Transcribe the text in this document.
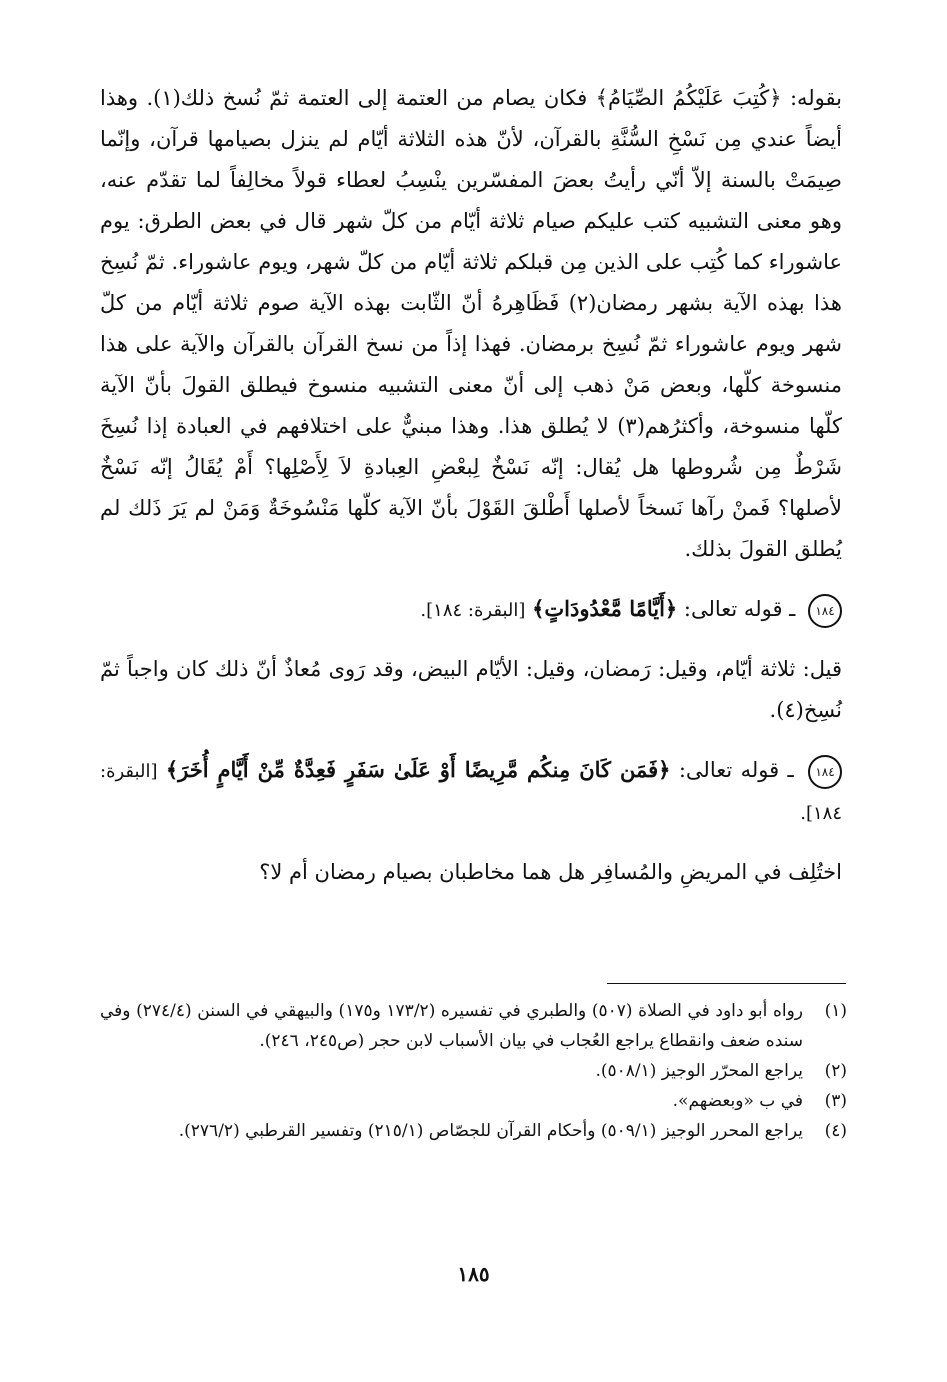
بقوله: ﴿كُتِبَ عَلَيْكُمُ الصِّيَامُ﴾ فكان يصام من العتمة إلى العتمة ثمّ نُسخ ذلك(١). وهذا أيضاً عندي مِن نَسْخِ السُّنَّةِ بالقرآن، لأنّ هذه الثلاثة أيّام لم ينزل بصيامها قرآن، وإنّما صِيمَتْ بالسنة إلاّ أنّي رأيتُ بعضَ المفسّرين ينْسِبُ لعطاء قولاً مخالِفاً لما تقدّم عنه، وهو معنى التشبيه كتب عليكم صيام ثلاثة أيّام من كلّ شهر قال في بعض الطرق: يوم عاشوراء كما كُتِب على الذين مِن قبلكم ثلاثة أيّام من كلّ شهر، ويوم عاشوراء. ثمّ نُسِخ هذا بهذه الآية بشهر رمضان(٢) فَظَاهِرهُ أنّ الثّابت بهذه الآية صوم ثلاثة أيّام من كلّ شهر ويوم عاشوراء ثمّ نُسِخ برمضان. فهذا إذاً من نسخ القرآن بالقرآن والآية على هذا منسوخة كلّها، وبعض مَنْ ذهب إلى أنّ معنى التشبيه منسوخ فيطلق القولَ بأنّ الآية كلّها منسوخة، وأكثرُهم(٣) لا يُطلق هذا. وهذا مبنيٌّ على اختلافهم في العبادة إذا نُسِخَ شَرْطٌ مِن شُروطها هل يُقال: إنّه نَسْخٌ لِبعْضِ العِبادةِ لاَ لِأَصْلِها؟ أَمْ يُقَالُ إنّه نَسْخٌ لأصلها؟ فَمنْ رآها نَسخاً لأصلها أَطْلقَ القَوْلَ بأنّ الآية كلّها مَنْسُوخَةٌ وَمَنْ لم يَرَ ذَلك لم يُطلق القولَ بذلك.

١٨٤ ـ قوله تعالى: ﴿أَيَّامًا مَّعْدُودَاتٍ﴾ [البقرة: ١٨٤].

قيل: ثلاثة أيّام، وقيل: رَمضان، وقيل: الأيّام البيض، وقد رَوى مُعاذٌ أنّ ذلك كان واجباً ثمّ نُسِخ(٤).

١٨٤ ـ قوله تعالى: ﴿فَمَن كَانَ مِنكُم مَّرِيضًا أَوْ عَلَىٰ سَفَرٍ فَعِدَّةٌ مِّنْ أَيَّامٍ أُخَرَ﴾ [البقرة: ١٨٤].

اختُلِف في المريضِ والمُسافِر هل هما مخاطبان بصيام رمضان أم لا؟

(١)
رواه أبو داود في الصلاة (٥٠٧) والطبري في تفسيره (١٧٣/٢ و١٧٥) والبيهقي في السنن (٢٧٤/٤) وفي سنده ضعف وانقطاع يراجع العُجاب في بيان الأسباب لابن حجر (ص٢٤٥، ٢٤٦).
(٢)
يراجع المحرّر الوجيز (٥٠٨/١).
(٣)
في ب «وبعضهم».
(٤)
يراجع المحرر الوجيز (٥٠٩/١) وأحكام القرآن للجصّاص (٢١٥/١) وتفسير القرطبي (٢٧٦/٢).
١٨٥
